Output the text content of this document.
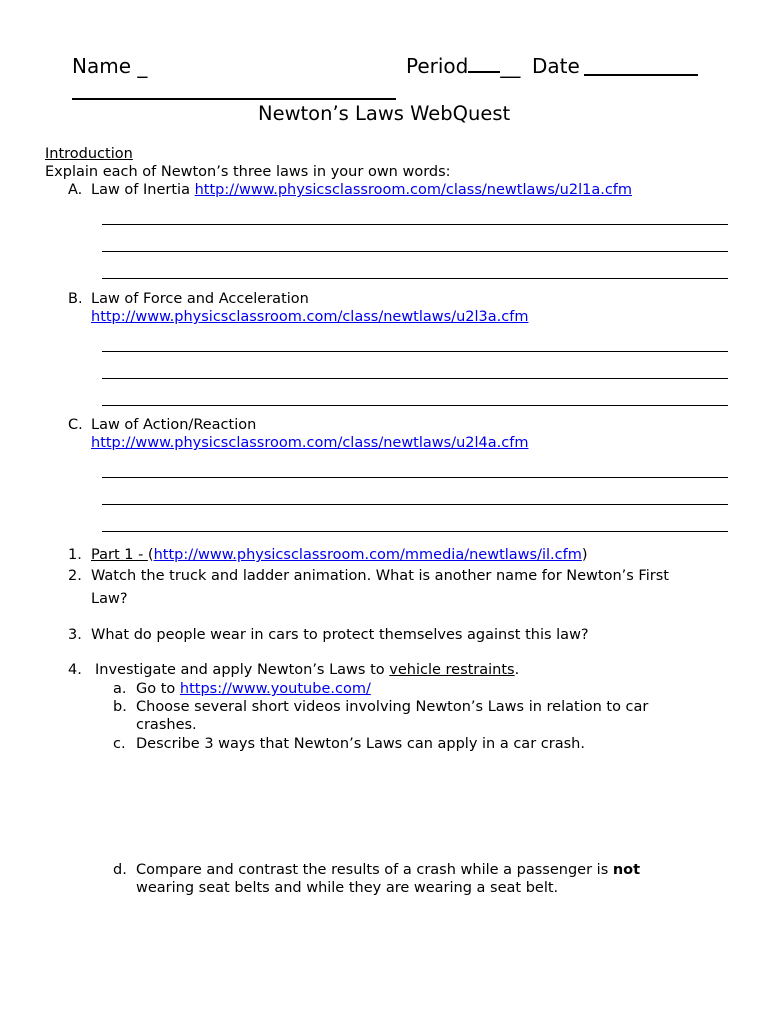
Name _	Period __ Date
Newton’s Laws WebQuest
Introduction
Explain each of Newton’s three laws in your own words:
A. Law of Inertia http://www.physicsclassroom.com/class/newtlaws/u2l1a.cfm
B. Law of Force and Acceleration
http://www.physicsclassroom.com/class/newtlaws/u2l3a.cfm
C. Law of Action/Reaction
http://www.physicsclassroom.com/class/newtlaws/u2l4a.cfm
1. Part 1 - (http://www.physicsclassroom.com/mmedia/newtlaws/il.cfm)
2. Watch the truck and ladder animation. What is another name for Newton’s First
Law?
3. What do people wear in cars to protect themselves against this law?
4. Investigate and apply Newton’s Laws to vehicle restraints.
a. Go to https://www.youtube.com/
b. Choose several short videos involving Newton’s Laws in relation to car
crashes.
c. Describe 3 ways that Newton’s Laws can apply in a car crash.
d. Compare and contrast the results of a crash while a passenger is not
wearing seat belts and while they are wearing a seat belt.
